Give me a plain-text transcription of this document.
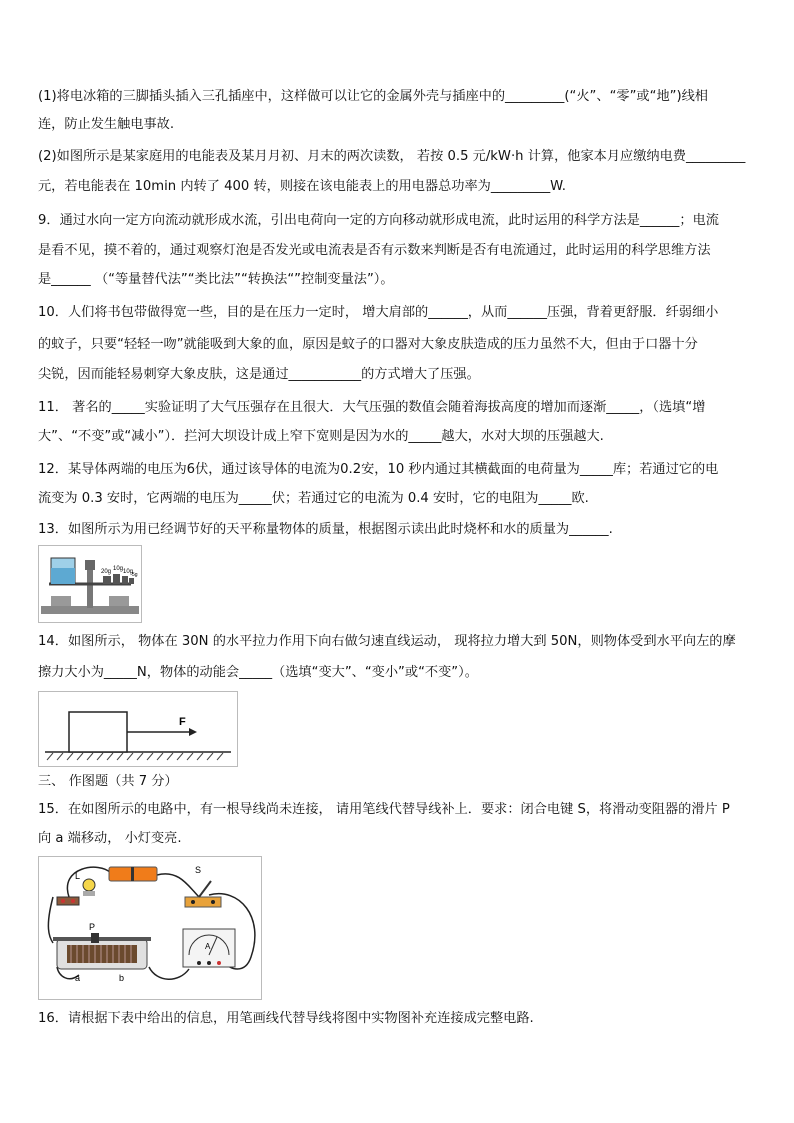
(1)将电冰箱的三脚插头插入三孔插座中，这样做可以让它的金属外壳与插座中的_________(“火”、“零”或“地”)线相
连，防止发生触电事故.
(2)如图所示是某家庭用的电能表及某月月初、月末的两次读数， 若按 0.5 元/kW·h 计算，他家本月应缴纳电费_________
元，若电能表在 10min 内转了 400 转，则接在该电能表上的用电器总功率为_________W.
9．通过水向一定方向流动就形成水流，引出电荷向一定的方向移动就形成电流，此时运用的科学方法是______；电流
是看不见，摸不着的，通过观察灯泡是否发光或电流表是否有示数来判断是否有电流通过，此时运用的科学思维方法
是______ （“等量替代法”“类比法”“转换法“”控制变量法”）。
10．人们将书包带做得宽一些，目的是在压力一定时， 增大肩部的______，从而______压强，背着更舒服．纤弱细小
的蚊子，只要“轻轻一吻”就能吸到大象的血，原因是蚊子的口器对大象皮肤造成的压力虽然不大，但由于口器十分
尖锐，因而能轻易刺穿大象皮肤，这是通过___________的方式增大了压强。
11． 著名的_____实验证明了大气压强存在且很大．大气压强的数值会随着海拔高度的增加而逐渐_____，（选填“增
大”、“不变”或“减小”）．拦河大坝设计成上窄下宽则是因为水的_____越大，水对大坝的压强越大.
12．某导体两端的电压为6伏，通过该导体的电流为0.2安，10 秒内通过其横截面的电荷量为_____库；若通过它的电
流变为 0.3 安时，它两端的电压为_____伏；若通过它的电流为 0.4 安时，它的电阻为_____欧.
13．如图所示为用已经调节好的天平称量物体的质量，根据图示读出此时烧杯和水的质量为______.
20g 10g 10g
5g
14．如图所示， 物体在 30N 的水平拉力作用下向右做匀速直线运动， 现将拉力增大到 50N，则物体受到水平向左的摩
擦力大小为_____N，物体的动能会_____（选填“变大”、“变小”或“不变”）。
F
三、 作图题（共 7 分）
15．在如图所示的电路中，有一根导线尚未连接， 请用笔线代替导线补上．要求：闭合电键 S，将滑动变阻器的滑片 P
向 a 端移动， 小灯变亮.
L
S
P
a	b
A
16．请根据下表中给出的信息，用笔画线代替导线将图中实物图补充连接成完整电路.
